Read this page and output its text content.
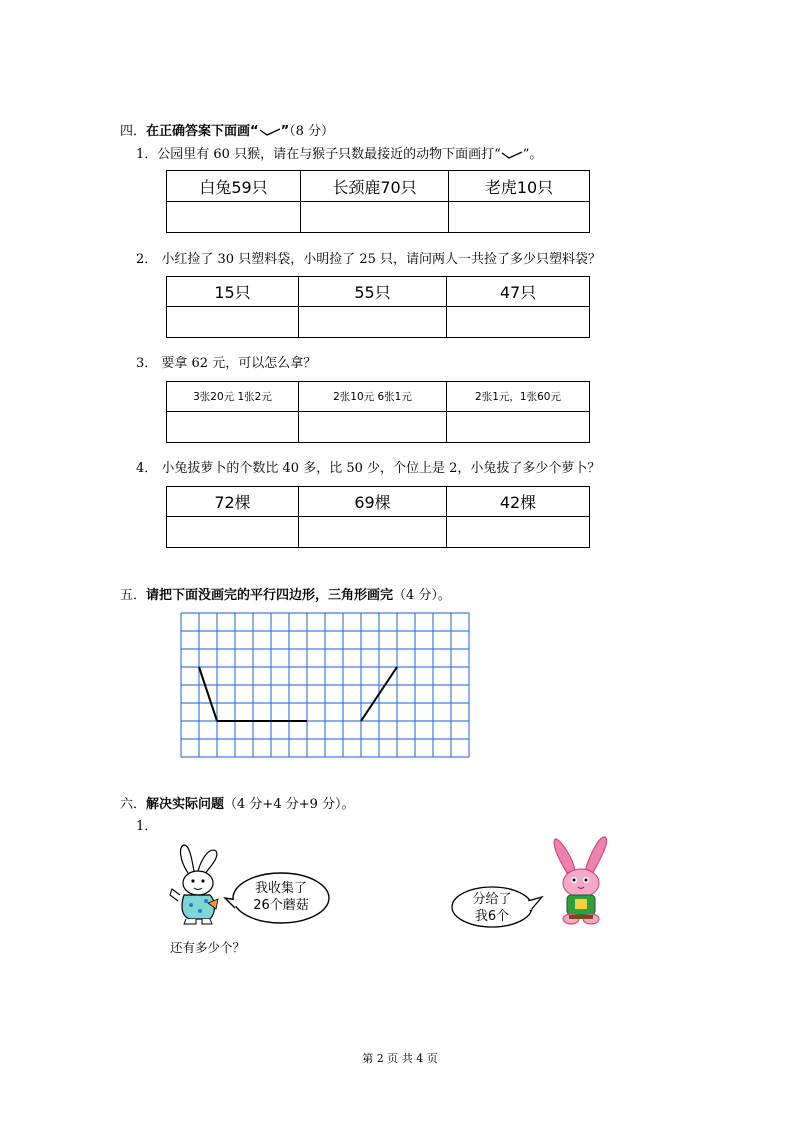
四．在正确答案下面画“ ”（8 分）
1．公园里有 60 只猴，请在与猴子只数最接近的动物下面画打“ ”。
白兔59只	长颈鹿70只	老虎10只

2． 小红捡了 30 只塑料袋，小明捡了 25 只，请问两人一共捡了多少只塑料袋？
15只	55只	47只

3． 要拿 62 元，可以怎么拿？
3张20元 1张2元	2张10元 6张1元	2张1元，1张60元

4． 小兔拔萝卜的个数比 40 多，比 50 少，个位上是 2，小兔拔了多少个萝卜？
72棵	69棵	42棵

五．请把下面没画完的平行四边形，三角形画完（4 分）。
六．解决实际问题（4 分+4 分+9 分）。
1．
我收集了
26个蘑菇	分给了
我6个
还有多少个？
第 2 页 共 4 页
